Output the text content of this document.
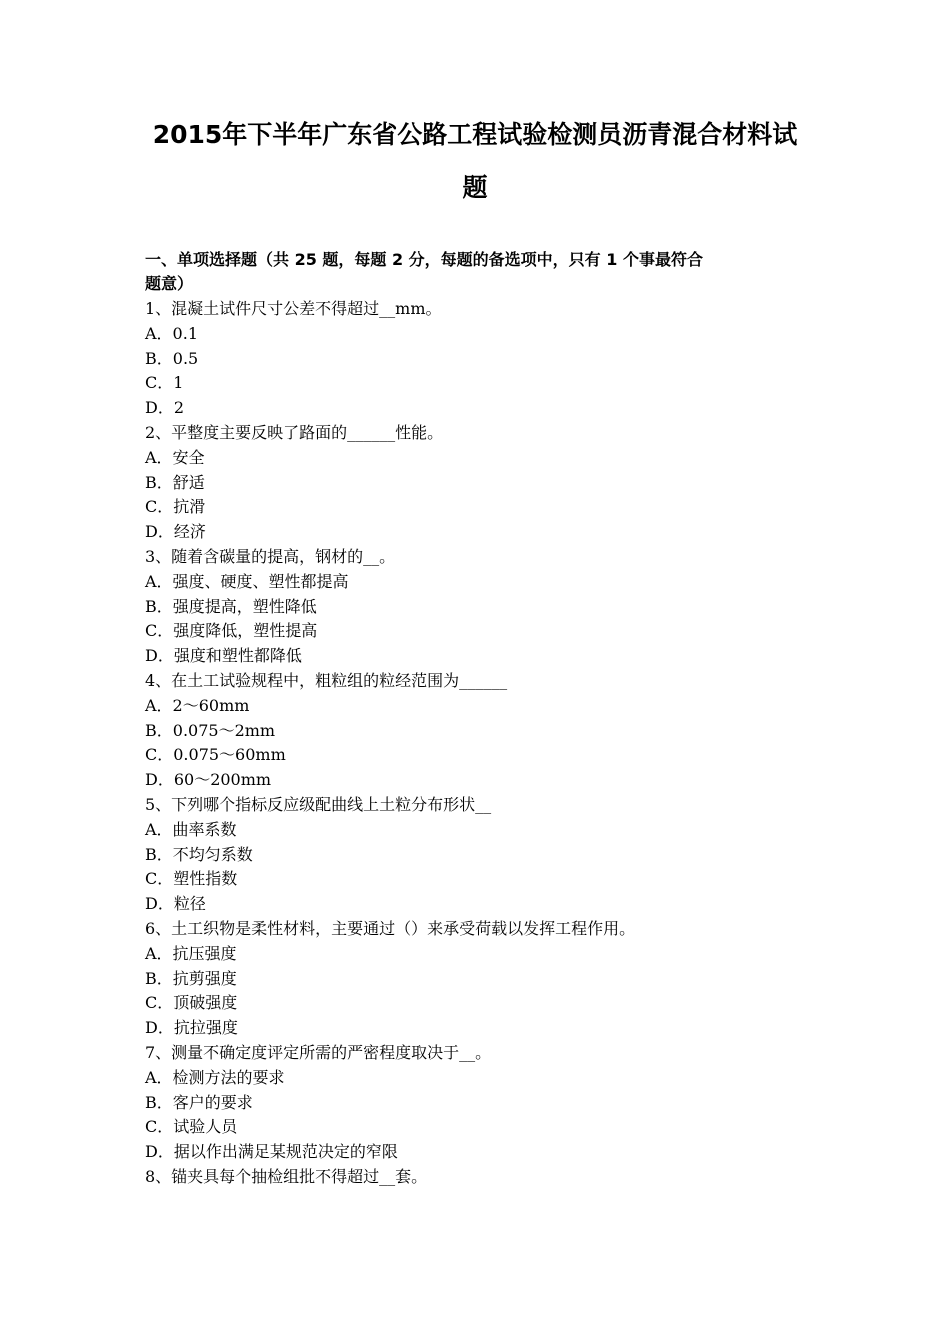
2015年下半年广东省公路工程试验检测员沥青混合材料试
题
一、单项选择题（共 25 题，每题 2 分，每题的备选项中，只有 1 个事最符合
题意）
1、混凝土试件尺寸公差不得超过__mm。
A．0.1
B．0.5
C．1
D．2
2、平整度主要反映了路面的______性能。
A．安全
B．舒适
C．抗滑
D．经济
3、随着含碳量的提高，钢材的__。
A．强度、硬度、塑性都提高
B．强度提高，塑性降低
C．强度降低，塑性提高
D．强度和塑性都降低
4、在土工试验规程中，粗粒组的粒经范围为______
A．2～60mm
B．0.075～2mm
C．0.075～60mm
D．60～200mm
5、下列哪个指标反应级配曲线上土粒分布形状__
A．曲率系数
B．不均匀系数
C．塑性指数
D．粒径
6、土工织物是柔性材料，主要通过（）来承受荷载以发挥工程作用。
A．抗压强度
B．抗剪强度
C．顶破强度
D．抗拉强度
7、测量不确定度评定所需的严密程度取决于__。
A．检测方法的要求
B．客户的要求
C．试验人员
D．据以作出满足某规范决定的窄限
8、锚夹具每个抽检组批不得超过__套。
